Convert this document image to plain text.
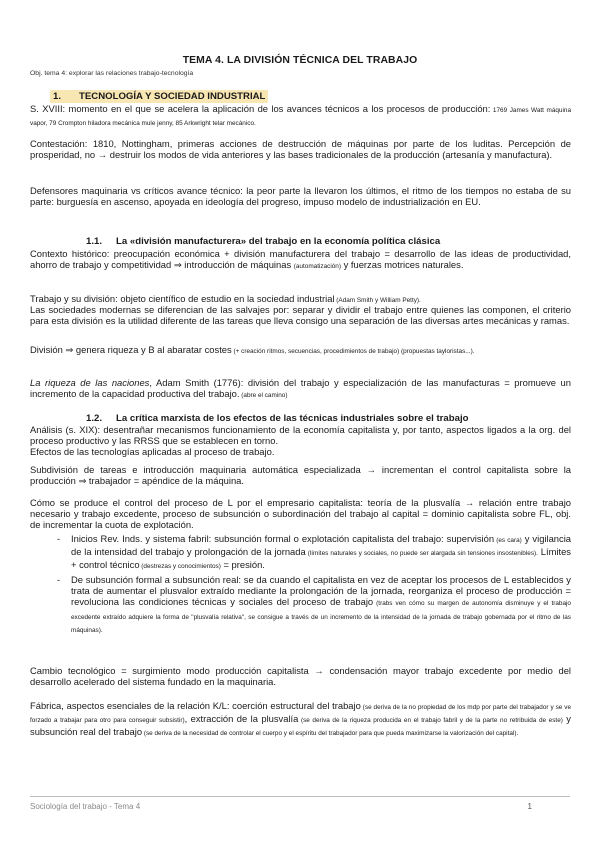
TEMA 4. LA DIVISIÓN TÉCNICA DEL TRABAJO
Obj. tema 4: explorar las relaciones trabajo-tecnología
1. TECNOLOGÍA Y SOCIEDAD INDUSTRIAL
S. XVIII: momento en el que se acelera la aplicación de los avances técnicos a los procesos de producción: 1769 James Watt máquina vapor, 79 Crompton hiladora mecánica mule jenny, 85 Arkwright telar mecánico.
Contestación: 1810, Nottingham, primeras acciones de destrucción de máquinas por parte de los luditas. Percepción de prosperidad, no → destruir los modos de vida anteriores y las bases tradicionales de la producción (artesanía y manufactura).
Defensores maquinaria vs críticos avance técnico: la peor parte la llevaron los últimos, el ritmo de los tiempos no estaba de su parte: burguesía en ascenso, apoyada en ideología del progreso, impuso modelo de industrialización en EU.
1.1. La «división manufacturera» del trabajo en la economía política clásica
Contexto histórico: preocupación económica + división manufacturera del trabajo = desarrollo de las ideas de productividad, ahorro de trabajo y competitividad ⇒ introducción de máquinas (automatización) y fuerzas motrices naturales.
Trabajo y su división: objeto científico de estudio en la sociedad industrial (Adam Smith y William Petty).
Las sociedades modernas se diferencian de las salvajes por: separar y dividir el trabajo entre quienes las componen, el criterio para esta división es la utilidad diferente de las tareas que lleva consigo una separación de las diversas artes mecánicas y ramas.
División ⇒ genera riqueza y B al abaratar costes (+ creación ritmos, secuencias, procedimientos de trabajo) (propuestas tayloristas...).
La riqueza de las naciones, Adam Smith (1776): división del trabajo y especialización de las manufacturas = promueve un incremento de la capacidad productiva del trabajo. (abre el camino)
1.2. La crítica marxista de los efectos de las técnicas industriales sobre el trabajo
Análisis (s. XIX): desentrañar mecanismos funcionamiento de la economía capitalista y, por tanto, aspectos ligados a la org. del proceso productivo y las RRSS que se establecen en torno.
Efectos de las tecnologías aplicadas al proceso de trabajo.
Subdivisión de tareas e introducción maquinaria automática especializada → incrementan el control capitalista sobre la producción ⇒ trabajador = apéndice de la máquina.
Cómo se produce el control del proceso de L por el empresario capitalista: teoría de la plusvalía → relación entre trabajo necesario y trabajo excedente, proceso de subsunción o subordinación del trabajo al capital = dominio capitalista sobre FL, obj. de incrementar la cuota de explotación.
- Inicios Rev. Inds. y sistema fabril: subsunción formal o explotación capitalista del trabajo: supervisión (es cara) y vigilancia de la intensidad del trabajo y prolongación de la jornada (límites naturales y sociales, no puede ser alargada sin tensiones insostenibles). Límites + control técnico (destrezas y conocimientos) = presión.
- De subsunción formal a subsunción real: se da cuando el capitalista en vez de aceptar los procesos de L establecidos y trata de aumentar el plusvalor extraído mediante la prolongación de la jornada, reorganiza el proceso de producción = revoluciona las condiciones técnicas y sociales del proceso de trabajo (trabs ven cómo su margen de autonomía disminuye y el trabajo excedente extraído adquiere la forma de "plusvalía relativa", se consigue a través de un incremento de la intensidad de la jornada de trabajo gobernada por el ritmo de las máquinas).
Cambio tecnológico = surgimiento modo producción capitalista → condensación mayor trabajo excedente por medio del desarrollo acelerado del sistema fundado en la maquinaria.
Fábrica, aspectos esenciales de la relación K/L: coerción estructural del trabajo (se deriva de la no propiedad de los mdp por parte del trabajador y se ve forzado a trabajar para otro para conseguir subsistir), extracción de la plusvalía (se deriva de la riqueza producida en el trabajo fabril y de la parte no retribuida de este) y subsunción real del trabajo (se deriva de la necesidad de controlar el cuerpo y el espíritu del trabajador para que pueda maximizarse la valorización del capital).
Sociología del trabajo - Tema 4	1
